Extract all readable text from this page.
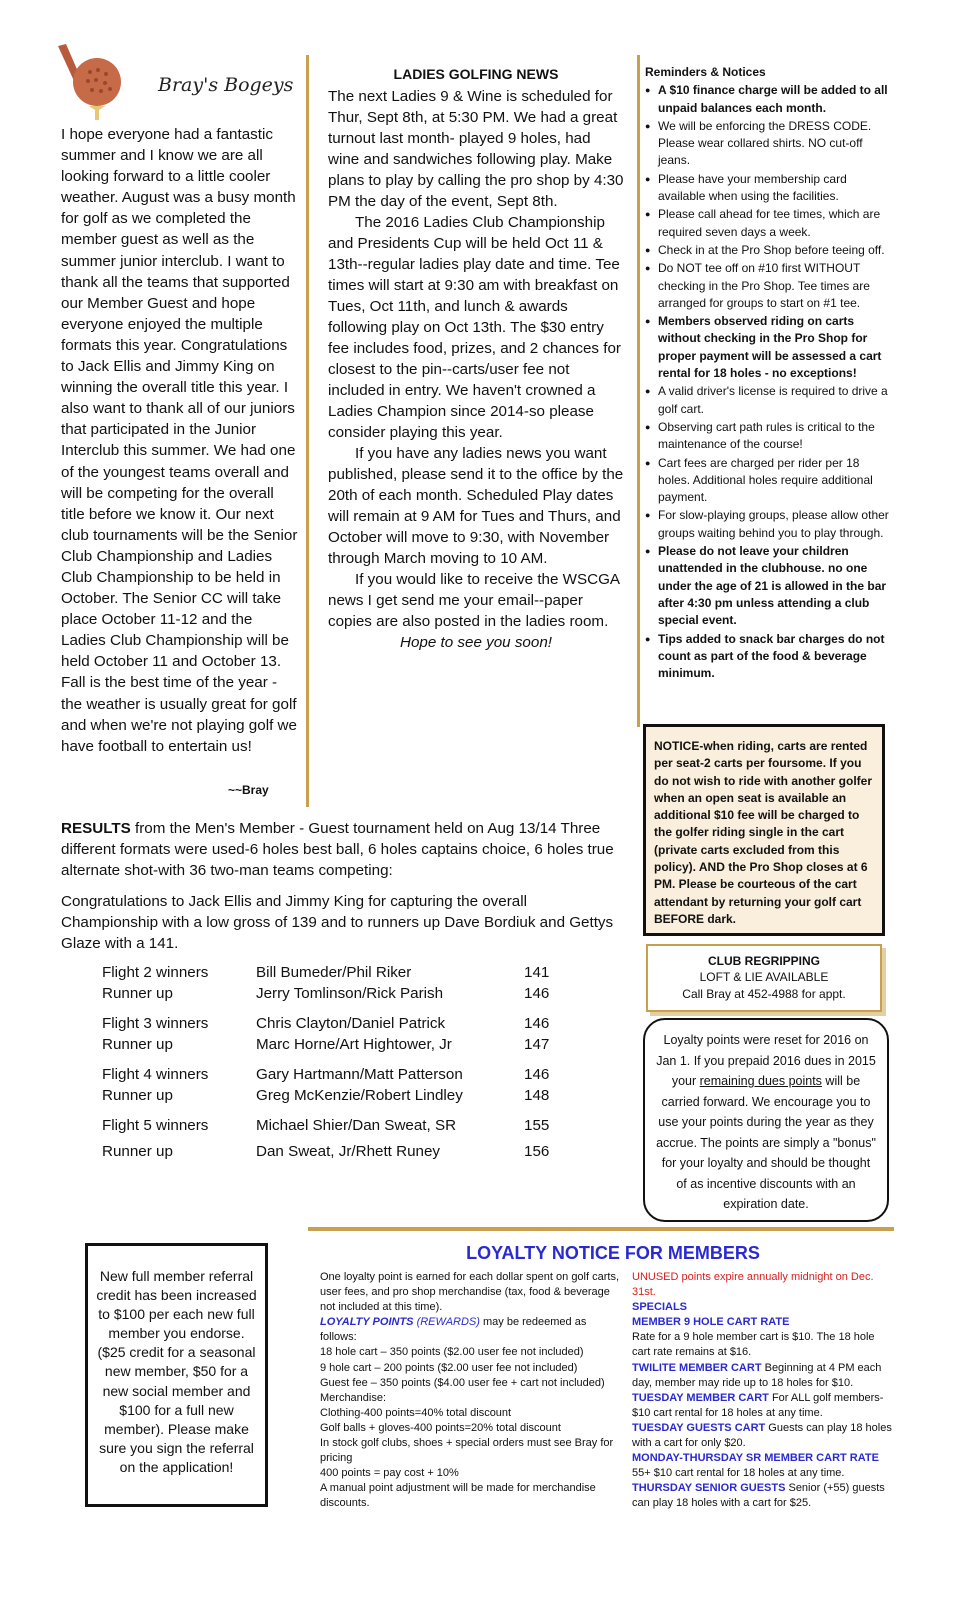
Bray's Bogeys
I hope everyone had a fantastic summer and I know we are all looking forward to a little cooler weather. August was a busy month for golf as we completed the member guest as well as the summer junior interclub. I want to thank all the teams that supported our Member Guest and hope everyone enjoyed the multiple formats this year. Congratulations to Jack Ellis and Jimmy King on winning the overall title this year. I also want to thank all of our juniors that participated in the Junior Interclub this summer. We had one of the youngest teams overall and will be competing for the overall title before we know it. Our next club tournaments will be the Senior Club Championship and Ladies Club Championship to be held in October. The Senior CC will take place October 11-12 and the Ladies Club Championship will be held October 11 and October 13. Fall is the best time of the year - the weather is usually great for golf and when we're not playing golf we have football to entertain us!
~~Bray
LADIES GOLFING NEWS

The next Ladies 9 & Wine is scheduled for Thur, Sept 8th, at 5:30 PM. We had a great turnout last month- played 9 holes, had wine and sandwiches following play. Make plans to play by calling the pro shop by 4:30 PM the day of the event, Sept 8th.

The 2016 Ladies Club Championship and Presidents Cup will be held Oct 11 & 13th--regular ladies play date and time. Tee times will start at 9:30 am with breakfast on Tues, Oct 11th, and lunch & awards following play on Oct 13th. The $30 entry fee includes food, prizes, and 2 chances for closest to the pin--carts/user fee not included in entry. We haven't crowned a Ladies Champion since 2014-so please consider playing this year.

If you have any ladies news you want published, please send it to the office by the 20th of each month. Scheduled Play dates will remain at 9 AM for Tues and Thurs, and October will move to 9:30, with November through March moving to 10 AM.

If you would like to receive the WSCGA news I get send me your email--paper copies are also posted in the ladies room.

Hope to see you soon!

Reminders & Notices
● A $10 finance charge will be added to all unpaid balances each month.
● We will be enforcing the DRESS CODE. Please wear collared shirts. NO cut-off jeans.
● Please have your membership card available when using the facilities.
● Please call ahead for tee times, which are required seven days a week.
● Check in at the Pro Shop before teeing off.
● Do NOT tee off on #10 first WITHOUT checking in the Pro Shop. Tee times are arranged for groups to start on #1 tee.
● Members observed riding on carts without checking in the Pro Shop for proper payment will be assessed a cart rental for 18 holes - no exceptions!
● A valid driver's license is required to drive a golf cart.
● Observing cart path rules is critical to the maintenance of the course!
● Cart fees are charged per rider per 18 holes. Additional holes require additional payment.
● For slow-playing groups, please allow other groups waiting behind you to play through.
● Please do not leave your children unattended in the clubhouse. no one under the age of 21 is allowed in the bar after 4:30 pm unless attending a club special event.
● Tips added to snack bar charges do not count as part of the food & beverage minimum.
NOTICE-when riding, carts are rented per seat-2 carts per foursome. If you do not wish to ride with another golfer when an open seat is available an additional $10 fee will be charged to the golfer riding single in the cart (private carts excluded from this policy). AND the Pro Shop closes at 6 PM. Please be courteous of the cart attendant by returning your golf cart BEFORE dark.
CLUB REGRIPPING
LOFT & LIE AVAILABLE
Call Bray at 452-4988 for appt.
Loyalty points were reset for 2016 on Jan 1. If you prepaid 2016 dues in 2015 your remaining dues points will be carried forward. We encourage you to use your points during the year as they accrue. The points are simply a "bonus" for your loyalty and should be thought of as incentive discounts with an expiration date.

RESULTS from the Men's Member - Guest tournament held on Aug 13/14 Three different formats were used-6 holes best ball, 6 holes captains choice, 6 holes true alternate shot-with 36 two-man teams competing:

Congratulations to Jack Ellis and Jimmy King for capturing the overall Championship with a low gross of 139 and to runners up Dave Bordiuk and Gettys Glaze with a 141.

Flight 2 winners	Bill Bumeder/Phil Riker	141
Runner up	Jerry Tomlinson/Rick Parish	146
Flight 3 winners	Chris Clayton/Daniel Patrick	146
Runner up	Marc Horne/Art Hightower, Jr	147
Flight 4 winners	Gary Hartmann/Matt Patterson	146
Runner up	Greg McKenzie/Robert Lindley	148
Flight 5 winners	Michael Shier/Dan Sweat, SR	155
Runner up	Dan Sweat, Jr/Rhett Runey	156
New full member referral credit has been increased to $100 per each new full member you endorse. ($25 credit for a seasonal new member, $50 for a new social member and $100 for a full new member). Please make sure you sign the referral on the application!
LOYALTY NOTICE FOR MEMBERS
One loyalty point is earned for each dollar spent on golf carts, user fees, and pro shop merchandise (tax, food & beverage not included at this time).
LOYALTY POINTS (REWARDS) may be redeemed as follows:
18 hole cart – 350 points ($2.00 user fee not included)
9 hole cart – 200 points ($2.00 user fee not included)
Guest fee – 350 points ($4.00 user fee + cart not included)
Merchandise:
Clothing-400 points=40% total discount
Golf balls + gloves-400 points=20% total discount
In stock golf clubs, shoes + special orders must see Bray for pricing
400 points = pay cost + 10%
A manual point adjustment will be made for merchandise discounts.
UNUSED points expire annually midnight on Dec. 31st.
SPECIALS
MEMBER 9 HOLE CART RATE
Rate for a 9 hole member cart is $10. The 18 hole cart rate remains at $16.
TWILITE MEMBER CART Beginning at 4 PM each day, member may ride up to 18 holes for $10.
TUESDAY MEMBER CART For ALL golf members- $10 cart rental for 18 holes at any time.
TUESDAY GUESTS CART Guests can play 18 holes with a cart for only $20.
MONDAY-THURSDAY SR MEMBER CART RATE 55+ $10 cart rental for 18 holes at any time.
THURSDAY SENIOR GUESTS Senior (+55) guests can play 18 holes with a cart for $25.
